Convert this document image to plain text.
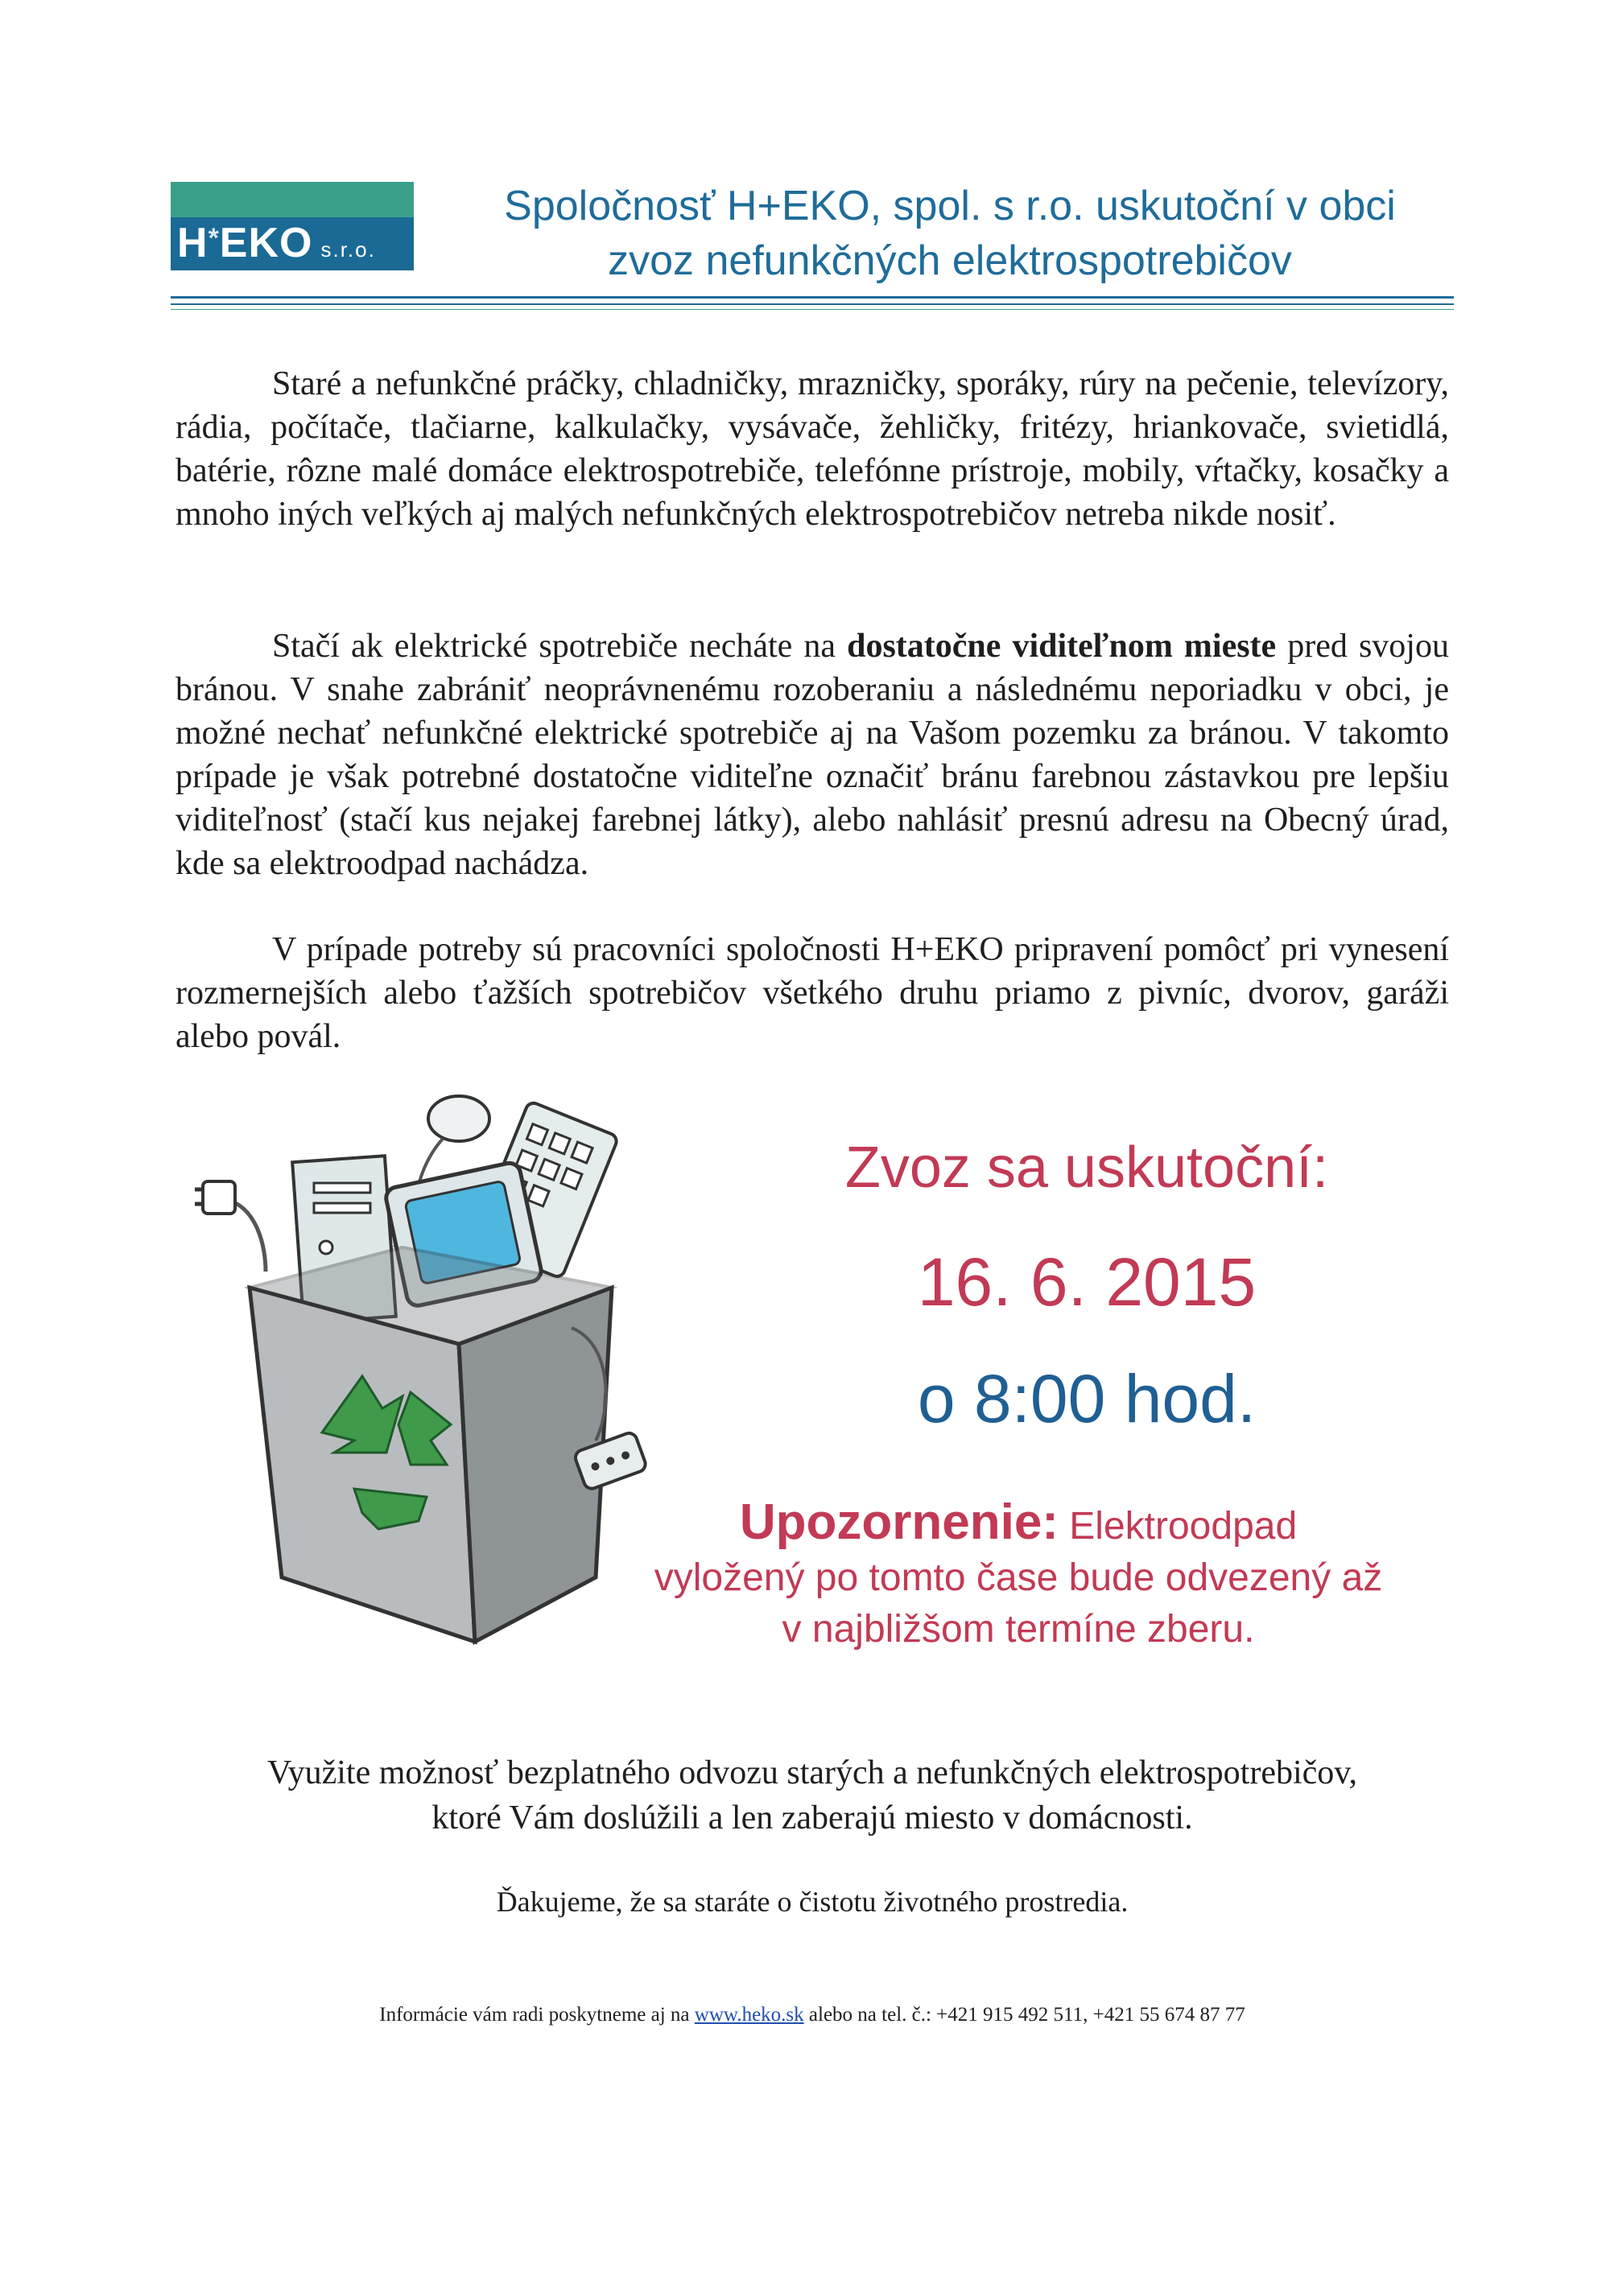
H*EKO s.r.o.
Spoločnosť H+EKO, spol. s r.o. uskutoční v obci
zvoz nefunkčných elektrospotrebičov

Staré a nefunkčné práčky, chladničky, mrazničky, sporáky, rúry na pečenie, televízory, rádia, počítače, tlačiarne, kalkulačky, vysávače, žehličky, fritézy, hriankovače, svietidlá, batérie, rôzne malé domáce elektrospotrebiče, telefónne prístroje, mobily, vŕtačky, kosačky a mnoho iných veľkých aj malých nefunkčných elektrospotrebičov netreba nikde nosiť.

Stačí ak elektrické spotrebiče necháte na dostatočne viditeľnom mieste pred svojou bránou. V snahe zabrániť neoprávnenému rozoberaniu a následnému neporiadku v obci, je možné nechať nefunkčné elektrické spotrebiče aj na Vašom pozemku za bránou. V takomto prípade je však potrebné dostatočne viditeľne označiť bránu farebnou zástavkou pre lepšiu viditeľnosť (stačí kus nejakej farebnej látky), alebo nahlásiť presnú adresu na Obecný úrad, kde sa elektroodpad nachádza.

V prípade potreby sú pracovníci spoločnosti H+EKO pripravení pomôcť pri vynesení rozmernejších alebo ťažších spotrebičov všetkého druhu priamo z pivníc, dvorov, garáži alebo povál.

Zvoz sa uskutoční:
16. 6. 2015
o 8:00 hod.
Upozornenie: Elektroodpad
vyložený po tomto čase bude odvezený až
v najbližšom termíne zberu.
Využite možnosť bezplatného odvozu starých a nefunkčných elektrospotrebičov,
ktoré Vám doslúžili a len zaberajú miesto v domácnosti.
Ďakujeme, že sa staráte o čistotu životného prostredia.
Informácie vám radi poskytneme aj na www.heko.sk alebo na tel. č.: +421 915 492 511, +421 55 674 87 77
